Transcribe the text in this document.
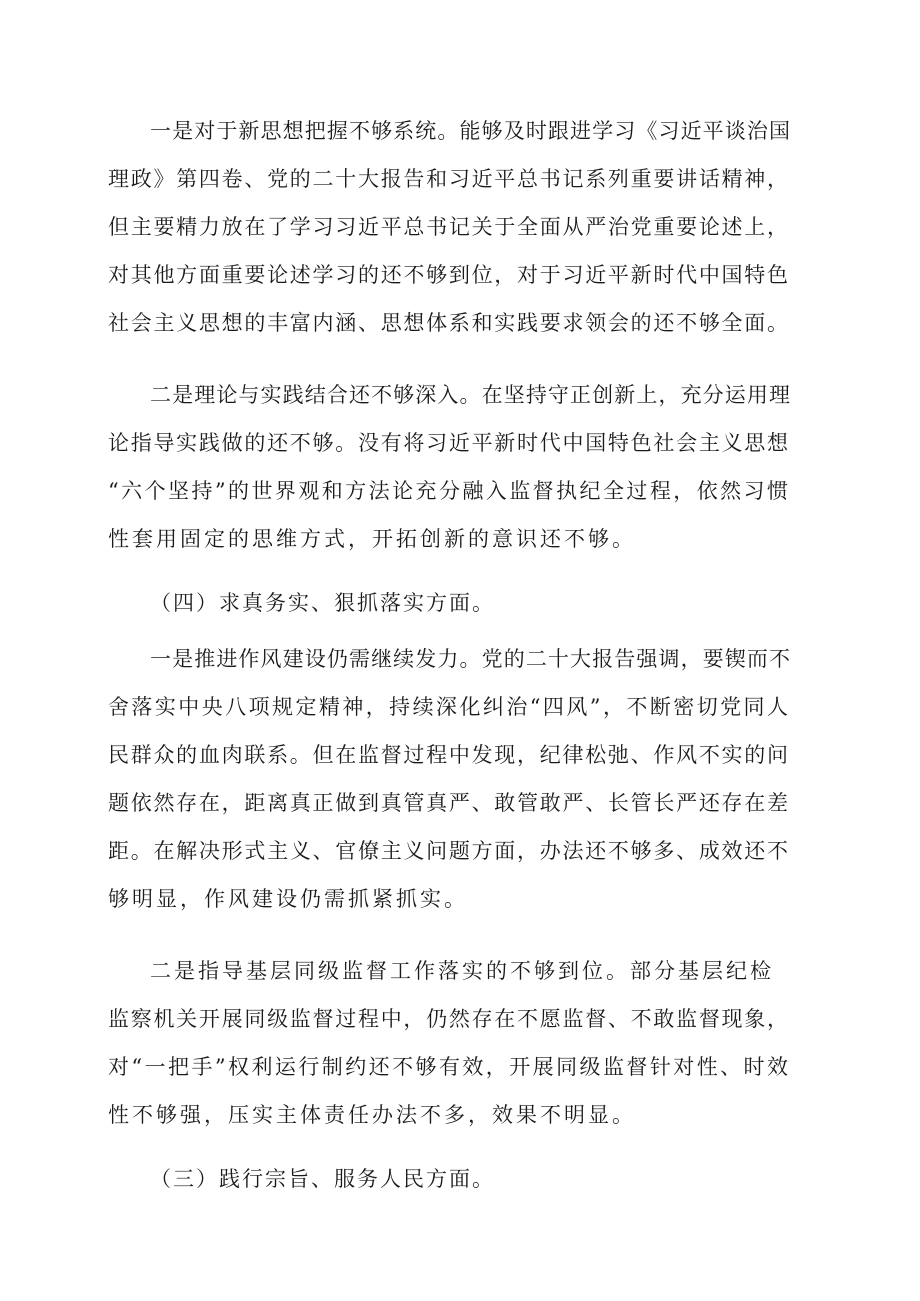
一是对于新思想把握不够系统。能够及时跟进学习《习近平谈治国
理政》第四卷、党的二十大报告和习近平总书记系列重要讲话精神，
但主要精力放在了学习习近平总书记关于全面从严治党重要论述上，
对其他方面重要论述学习的还不够到位，对于习近平新时代中国特色
社会主义思想的丰富内涵、思想体系和实践要求领会的还不够全面。
二是理论与实践结合还不够深入。在坚持守正创新上，充分运用理
论指导实践做的还不够。没有将习近平新时代中国特色社会主义思想
“六个坚持”的世界观和方法论充分融入监督执纪全过程，依然习惯
性套用固定的思维方式，开拓创新的意识还不够。
（四）求真务实、狠抓落实方面。
一是推进作风建设仍需继续发力。党的二十大报告强调，要锲而不
舍落实中央八项规定精神，持续深化纠治“四风”，不断密切党同人
民群众的血肉联系。但在监督过程中发现，纪律松弛、作风不实的问
题依然存在，距离真正做到真管真严、敢管敢严、长管长严还存在差
距。在解决形式主义、官僚主义问题方面，办法还不够多、成效还不
够明显，作风建设仍需抓紧抓实。
二是指导基层同级监督工作落实的不够到位。部分基层纪检
监察机关开展同级监督过程中，仍然存在不愿监督、不敢监督现象，
对“一把手”权利运行制约还不够有效，开展同级监督针对性、时效
性不够强，压实主体责任办法不多，效果不明显。
（三）践行宗旨、服务人民方面。
